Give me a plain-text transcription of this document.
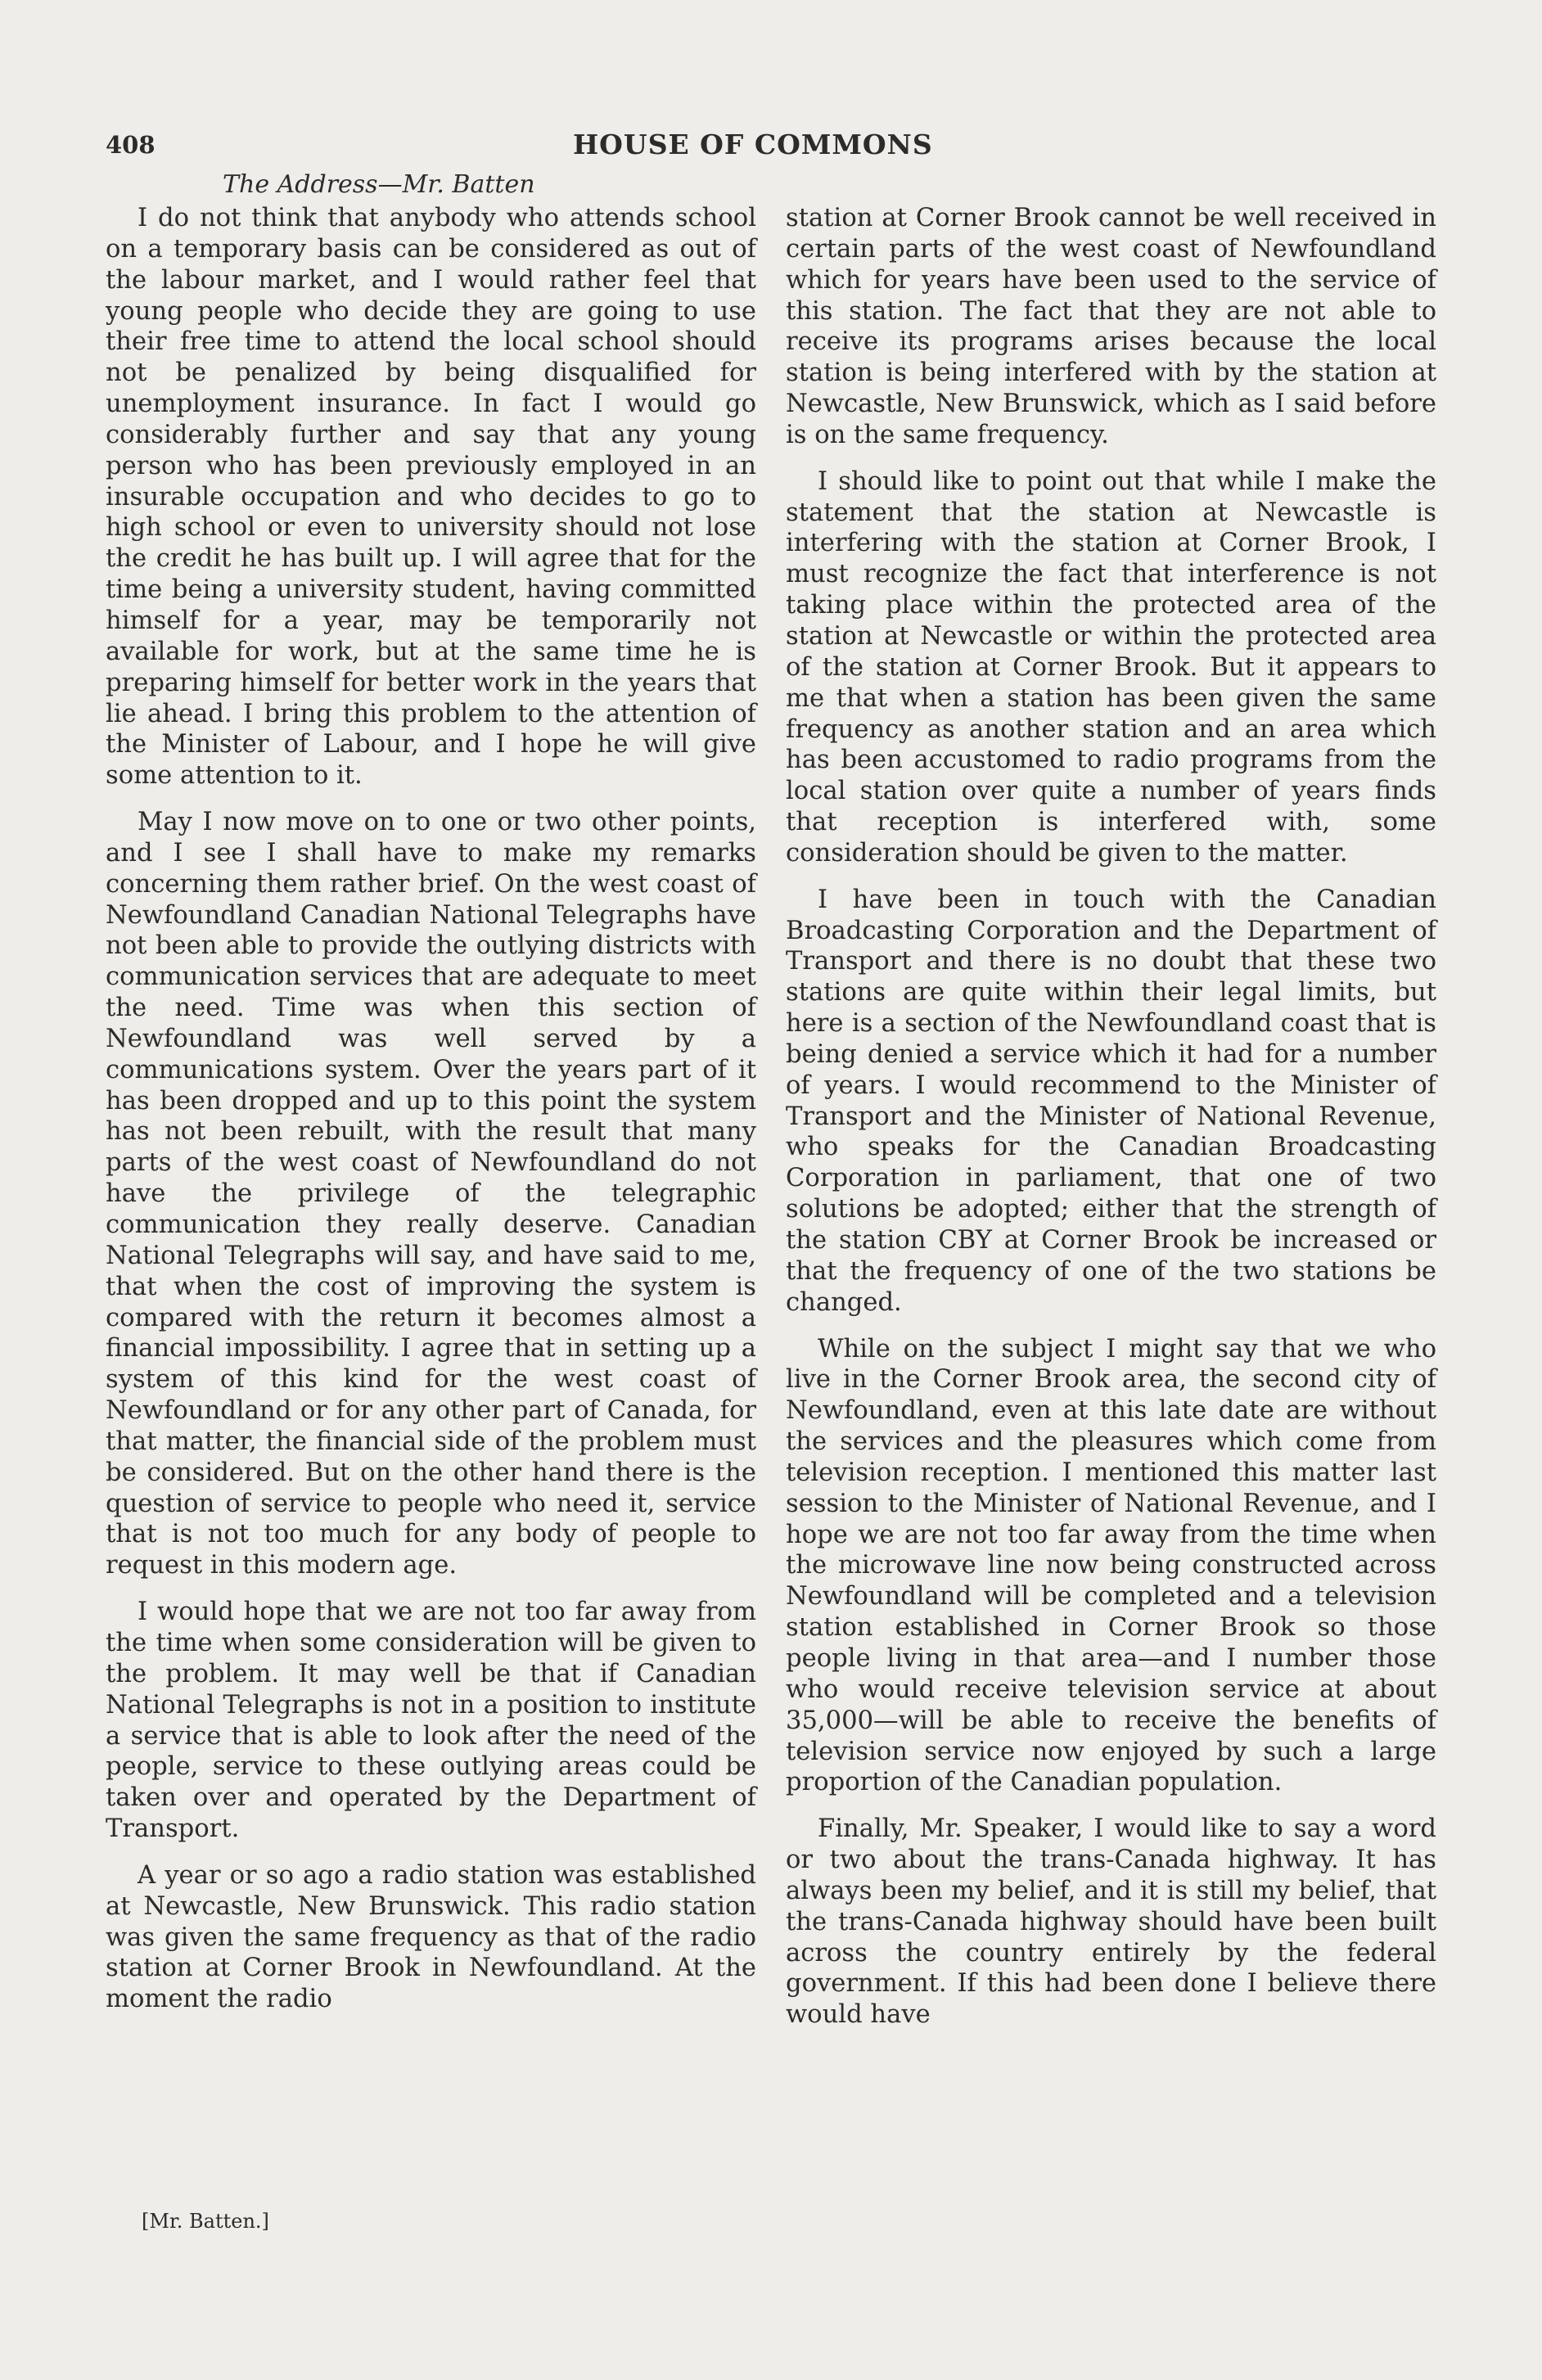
408	HOUSE OF COMMONS
The Address—Mr. Batten

I do not think that anybody who attends school on a temporary basis can be considered as out of the labour market, and I would rather feel that young people who decide they are going to use their free time to attend the local school should not be penalized by being disqualified for unemployment insurance. In fact I would go considerably further and say that any young person who has been previously employed in an insurable occupation and who decides to go to high school or even to university should not lose the credit he has built up. I will agree that for the time being a university student, having committed himself for a year, may be temporarily not available for work, but at the same time he is preparing himself for better work in the years that lie ahead. I bring this problem to the attention of the Minister of Labour, and I hope he will give some attention to it.

May I now move on to one or two other points, and I see I shall have to make my remarks concerning them rather brief. On the west coast of Newfoundland Canadian National Telegraphs have not been able to provide the outlying districts with communication services that are adequate to meet the need. Time was when this section of Newfoundland was well served by a communications system. Over the years part of it has been dropped and up to this point the system has not been rebuilt, with the result that many parts of the west coast of Newfoundland do not have the privilege of the telegraphic communication they really deserve. Canadian National Telegraphs will say, and have said to me, that when the cost of improving the system is compared with the return it becomes almost a financial impossibility. I agree that in setting up a system of this kind for the west coast of Newfoundland or for any other part of Canada, for that matter, the financial side of the problem must be considered. But on the other hand there is the question of service to people who need it, service that is not too much for any body of people to request in this modern age.

I would hope that we are not too far away from the time when some consideration will be given to the problem. It may well be that if Canadian National Telegraphs is not in a position to institute a service that is able to look after the need of the people, service to these outlying areas could be taken over and operated by the Department of Transport.

A year or so ago a radio station was established at Newcastle, New Brunswick. This radio station was given the same frequency as that of the radio station at Corner Brook in Newfoundland. At the moment the radio

station at Corner Brook cannot be well received in certain parts of the west coast of Newfoundland which for years have been used to the service of this station. The fact that they are not able to receive its programs arises because the local station is being interfered with by the station at Newcastle, New Brunswick, which as I said before is on the same frequency.

I should like to point out that while I make the statement that the station at Newcastle is interfering with the station at Corner Brook, I must recognize the fact that interference is not taking place within the protected area of the station at Newcastle or within the protected area of the station at Corner Brook. But it appears to me that when a station has been given the same frequency as another station and an area which has been accustomed to radio programs from the local station over quite a number of years finds that reception is interfered with, some consideration should be given to the matter.

I have been in touch with the Canadian Broadcasting Corporation and the Department of Transport and there is no doubt that these two stations are quite within their legal limits, but here is a section of the Newfoundland coast that is being denied a service which it had for a number of years. I would recommend to the Minister of Transport and the Minister of National Revenue, who speaks for the Canadian Broadcasting Corporation in parliament, that one of two solutions be adopted; either that the strength of the station CBY at Corner Brook be increased or that the frequency of one of the two stations be changed.

While on the subject I might say that we who live in the Corner Brook area, the second city of Newfoundland, even at this late date are without the services and the pleasures which come from television reception. I mentioned this matter last session to the Minister of National Revenue, and I hope we are not too far away from the time when the microwave line now being constructed across Newfoundland will be completed and a television station established in Corner Brook so those people living in that area—and I number those who would receive television service at about 35,000—will be able to receive the benefits of television service now enjoyed by such a large proportion of the Canadian population.

Finally, Mr. Speaker, I would like to say a word or two about the trans-Canada highway. It has always been my belief, and it is still my belief, that the trans-Canada highway should have been built across the country entirely by the federal government. If this had been done I believe there would have

[Mr. Batten.]
